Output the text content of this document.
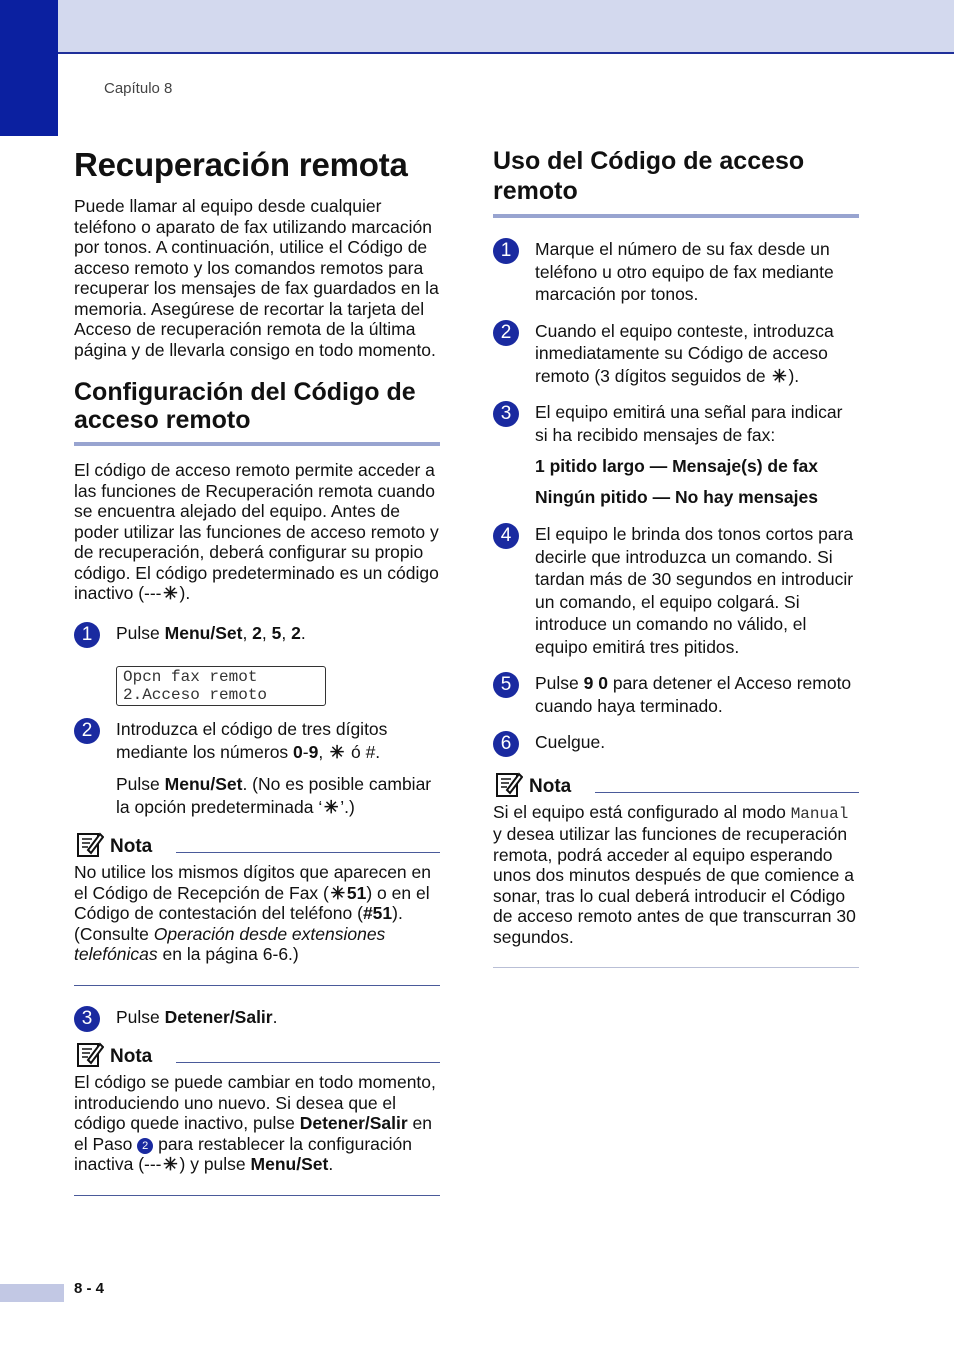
Capítulo 8
Recuperación remota

Puede llamar al equipo desde cualquier teléfono o aparato de fax utilizando marcación por tonos. A continuación, utilice el Código de acceso remoto y los comandos remotos para recuperar los mensajes de fax guardados en la memoria. Asegúrese de recortar la tarjeta del Acceso de recuperación remota de la última página y de llevarla consigo en todo momento.

Configuración del Código de acceso remoto

El código de acceso remoto permite acceder a las funciones de Recuperación remota cuando se encuentra alejado del equipo. Antes de poder utilizar las funciones de acceso remoto y de recuperación, deberá configurar su propio código. El código predeterminado es un código inactivo (---✳).

1	Pulse Menu/Set, 2, 5, 2.

Opcn fax remot
2.Acceso remoto
2	Introduzca el código de tres dígitos mediante los números 0-9, ✳ ó #.

Pulse Menu/Set. (No es posible cambiar la opción predeterminada ‘✳’.)

Nota

No utilice los mismos dígitos que aparecen en el Código de Recepción de Fax (✳51) o en el Código de contestación del teléfono (#51). (Consulte Operación desde extensiones telefónicas en la página 6-6.)

3	Pulse Detener/Salir.

Nota

El código se puede cambiar en todo momento, introduciendo uno nuevo. Si desea que el código quede inactivo, pulse Detener/Salir en el Paso 2 para restablecer la configuración inactiva (---✳) y pulse Menu/Set.

Uso del Código de acceso remoto
1	Marque el número de su fax desde un teléfono u otro equipo de fax mediante marcación por tonos.

2	Cuando el equipo conteste, introduzca inmediatamente su Código de acceso remoto (3 dígitos seguidos de ✳).

3	El equipo emitirá una señal para indicar si ha recibido mensajes de fax:

1 pitido largo — Mensaje(s) de fax

Ningún pitido — No hay mensajes

4	El equipo le brinda dos tonos cortos para decirle que introduzca un comando. Si tardan más de 30 segundos en introducir un comando, el equipo colgará. Si introduce un comando no válido, el equipo emitirá tres pitidos.

5	Pulse 9 0 para detener el Acceso remoto cuando haya terminado.

6	Cuelgue.

Nota

Si el equipo está configurado al modo Manual y desea utilizar las funciones de recuperación remota, podrá acceder al equipo esperando unos dos minutos después de que comience a sonar, tras lo cual deberá introducir el Código de acceso remoto antes de que transcurran 30 segundos.

8 - 4
